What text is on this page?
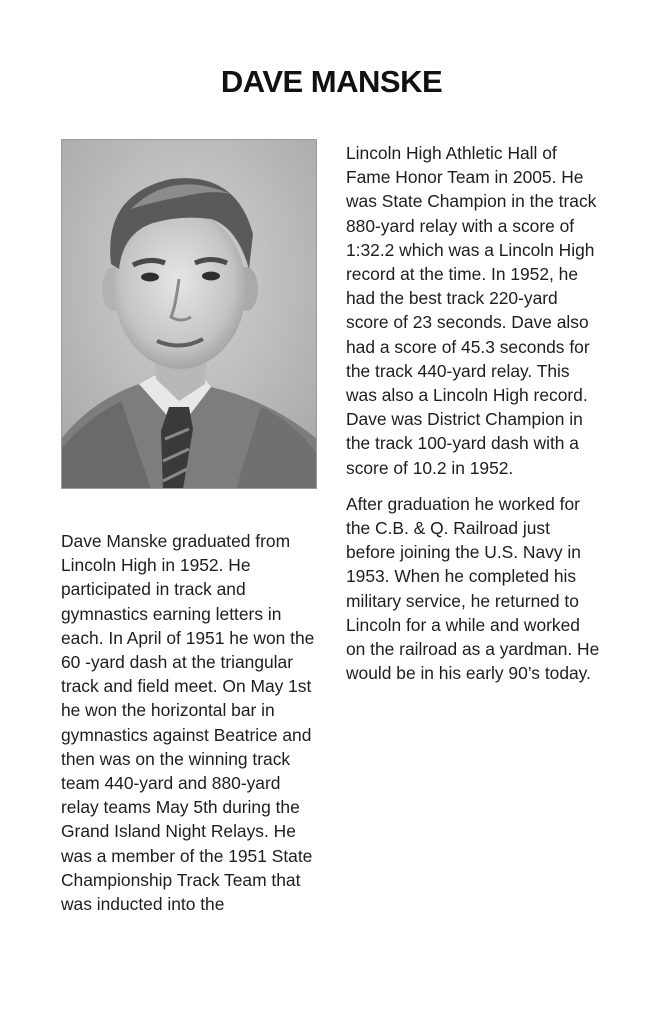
DAVE MANSKE

Dave Manske graduated from Lincoln High in 1952. He participated in track and gymnastics earning letters in each. In April of 1951 he won the 60 -yard dash at the triangular track and field meet. On May 1st he won the horizontal bar in gymnastics against Beatrice and then was on the winning track team 440-yard and 880-yard relay teams May 5th during the Grand Island Night Relays. He was a member of the 1951 State Championship Track Team that was inducted into the

Lincoln High Athletic Hall of Fame Honor Team in 2005. He was State Champion in the track 880-yard relay with a score of 1:32.2 which was a Lincoln High record at the time. In 1952, he had the best track 220-yard score of 23 seconds. Dave also had a score of 45.3 seconds for the track 440-yard relay. This was also a Lincoln High record. Dave was District Champion in the track 100-yard dash with a score of 10.2 in 1952.

After graduation he worked for the C.B. & Q. Railroad just before joining the U.S. Navy in 1953. When he completed his military service, he returned to Lincoln for a while and worked on the railroad as a yardman. He would be in his early 90’s today.
